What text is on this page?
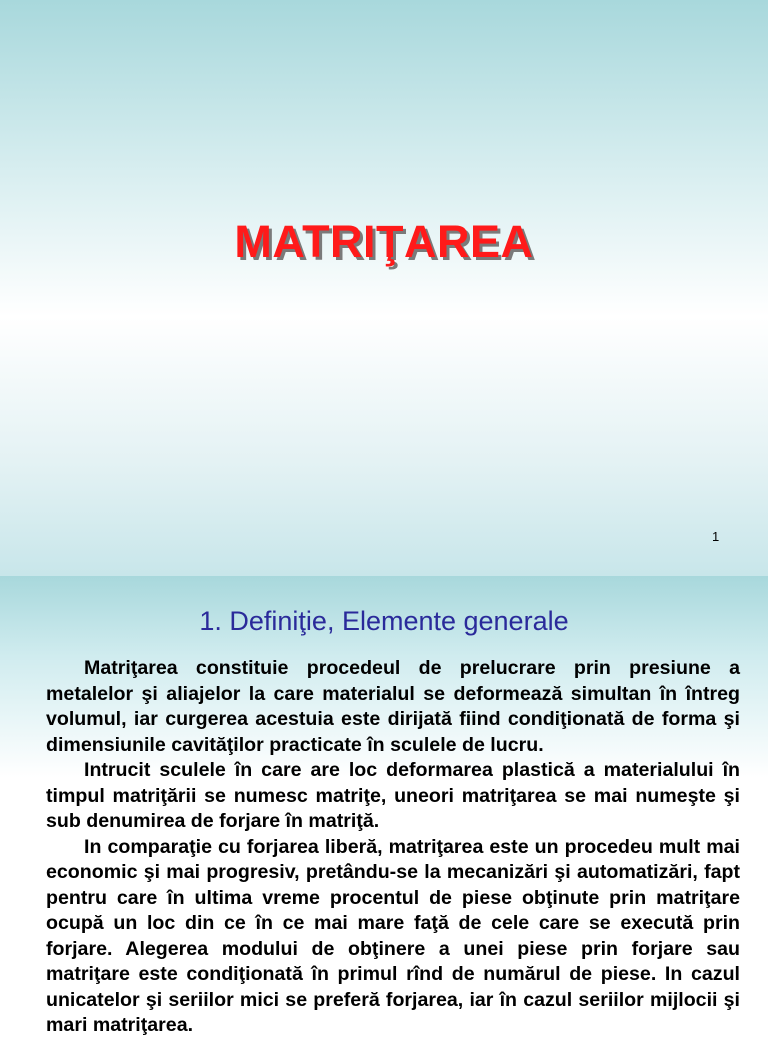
MATRIŢAREA
1
1. Definiţie, Elemente generale

Matriţarea constituie procedeul de prelucrare prin presiune a metalelor şi aliajelor la care materialul se deformează simultan în întreg volumul, iar curgerea acestuia este dirijată fiind condiţionată de forma şi dimensiunile cavităţilor practicate în sculele de lucru.

Intrucit sculele în care are loc deformarea plastică a materialului în timpul matriţării se numesc matriţe, uneori matriţarea se mai numeşte şi sub denumirea de forjare în matriţă.

In comparaţie cu forjarea liberă, matriţarea este un procedeu mult mai economic şi mai progresiv, pretându-se la mecanizări şi automatizări, fapt pentru care în ultima vreme procentul de piese obţinute prin matriţare ocupă un loc din ce în ce mai mare faţă de cele care se execută prin forjare. Alegerea modului de obţinere a unei piese prin forjare sau matriţare este condiţionată în primul rînd de numărul de piese. In cazul unicatelor şi seriilor mici se preferă forjarea, iar în cazul seriilor mijlocii şi mari matriţarea.
